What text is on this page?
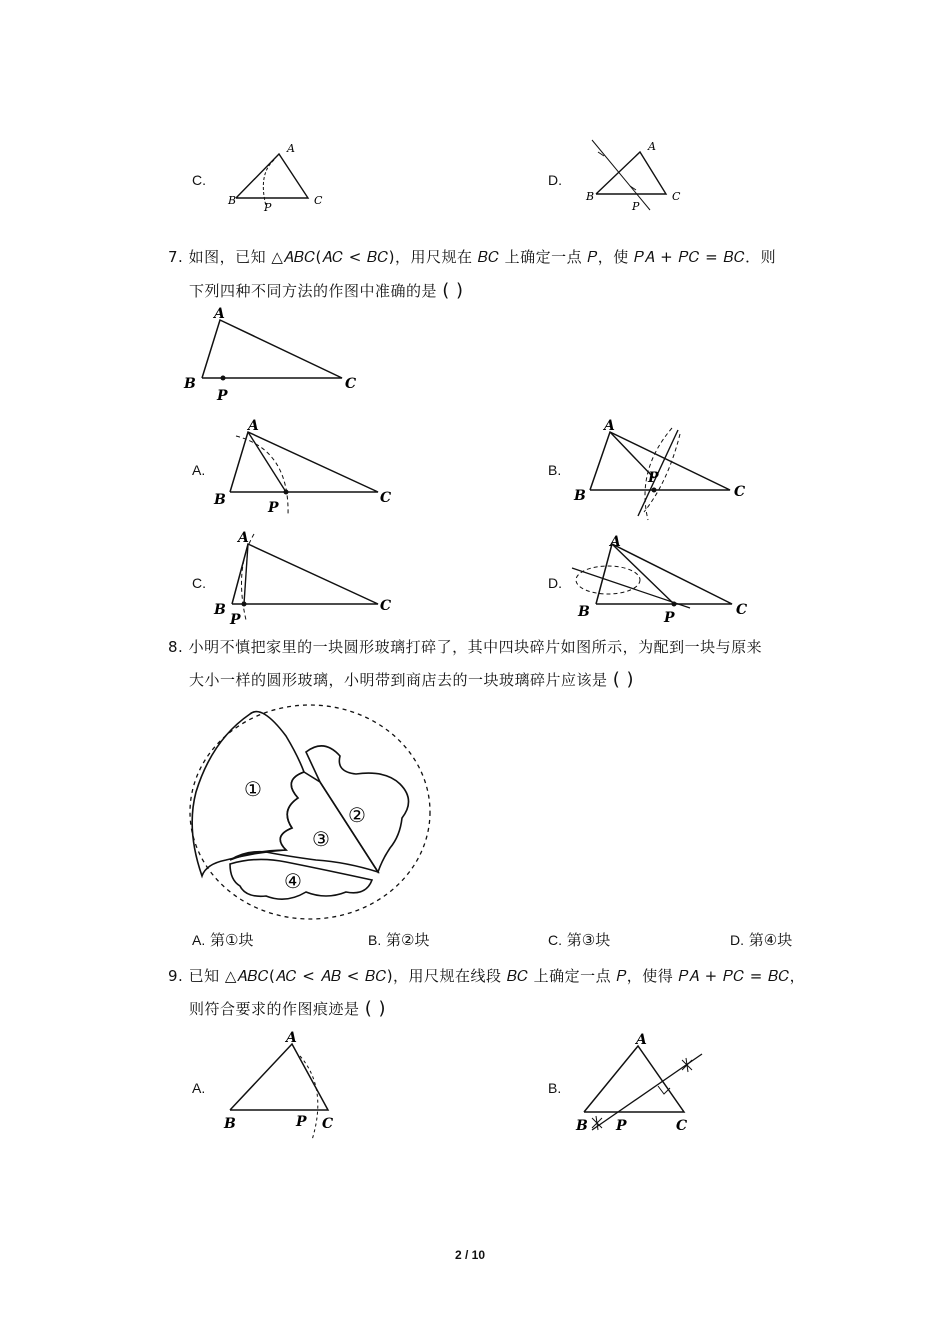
C.
A
B	C
P
D.
A
B	C
P
7. 如图，已知 △𝐴𝐵𝐶(𝐴𝐶 < 𝐵𝐶)，用尺规在 𝐵𝐶 上确定一点 𝑃，使 𝑃𝐴 + 𝑃𝐶 = 𝐵𝐶．则
下列四种不同方法的作图中准确的是 ( )
A
B	C
P
A.
A
B	C
P
B.
A
B	C
P
C.
A
B	C
P
D.
A
B	C
P
8. 小明不慎把家里的一块圆形玻璃打碎了，其中四块碎片如图所示，为配到一块与原来
大小一样的圆形玻璃，小明带到商店去的一块玻璃碎片应该是 ( )
①
②
③
④
A. 第①块	B. 第②块	C. 第③块	D. 第④块
9. 已知 △𝐴𝐵𝐶(𝐴𝐶 < 𝐴𝐵 < 𝐵𝐶)，用尺规在线段 𝐵𝐶 上确定一点 𝑃，使得 𝑃𝐴 + 𝑃𝐶 = 𝐵𝐶，
则符合要求的作图痕迹是 ( )
A.
A
B	C
P
B.
A
B	C
P
2 / 10
